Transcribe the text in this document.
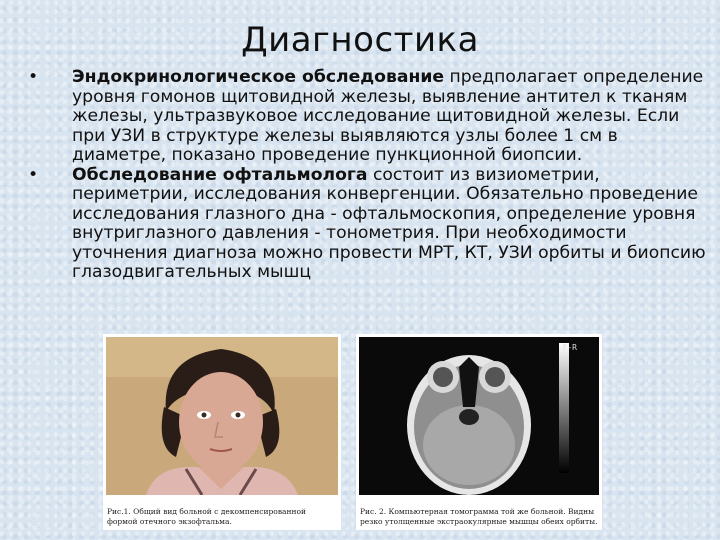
Диагностика
• Эндокринологическое обследование предполагает определение уровня гомонов щитовидной железы, выявление антител к тканям железы, ультразвуковое исследование щитовидной железы. Если при УЗИ в структуре железы выявляются узлы более 1 см в диаметре, показано проведение пункционной биопсии.
• Обследование офтальмолога состоит из визиометрии, периметрии, исследования конвергенции. Обязательно проведение исследования глазного дна - офтальмоскопия, определение уровня внутриглазного давления - тонометрия. При необходимости уточнения диагноза можно провести МРТ, КТ, УЗИ орбиты и биопсию глазодвигательных мышц
Рис.1. Общий вид больной с декомпенсированной формой отечного экзофтальма.
F-R
Рис. 2. Компьютерная томограмма той же больной. Видны резко утолщенные экстраокулярные мышцы обеих орбиты.
